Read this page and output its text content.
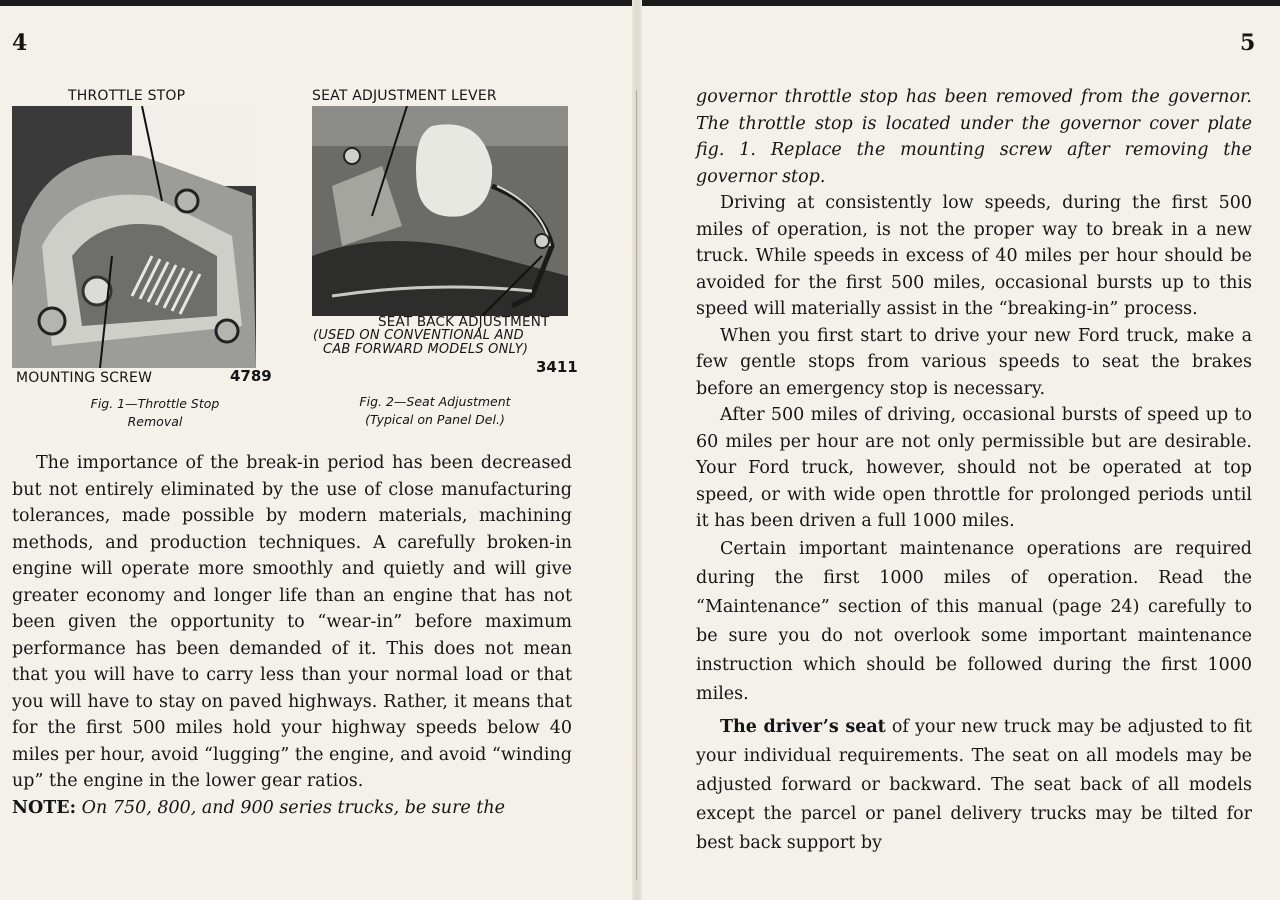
4
THROTTLE STOP
MOUNTING SCREW	4789
Fig. 1—Throttle Stop
Removal
SEAT ADJUSTMENT LEVER
SEAT BACK ADJUSTMENT
(USED ON CONVENTIONAL AND
CAB FORWARD MODELS ONLY)
3411
Fig. 2—Seat Adjustment
(Typical on Panel Del.)

The importance of the break-in period has been decreased but not entirely eliminated by the use of close manufacturing tolerances, made possible by modern materials, machining methods, and production techniques. A carefully broken-in engine will operate more smoothly and quietly and will give greater economy and longer life than an engine that has not been given the opportunity to “wear-in” before maximum performance has been demanded of it. This does not mean that you will have to carry less than your normal load or that you will have to stay on paved highways. Rather, it means that for the first 500 miles hold your highway speeds below 40 miles per hour, avoid “lugging” the engine, and avoid “winding up” the engine in the lower gear ratios.

NOTE: On 750, 800, and 900 series trucks, be sure the

5

governor throttle stop has been removed from the governor. The throttle stop is located under the governor cover plate fig. 1. Replace the mounting screw after removing the governor stop.

Driving at consistently low speeds, during the first 500 miles of operation, is not the proper way to break in a new truck. While speeds in excess of 40 miles per hour should be avoided for the first 500 miles, occasional bursts up to this speed will materially assist in the “breaking-in” process.

When you first start to drive your new Ford truck, make a few gentle stops from various speeds to seat the brakes before an emergency stop is necessary.

After 500 miles of driving, occasional bursts of speed up to 60 miles per hour are not only permissible but are desirable. Your Ford truck, however, should not be operated at top speed, or with wide open throttle for prolonged periods until it has been driven a full 1000 miles.

Certain important maintenance operations are required during the first 1000 miles of operation. Read the “Maintenance” section of this manual (page 24) carefully to be sure you do not overlook some important maintenance instruction which should be followed during the first 1000 miles.

The driver’s seat of your new truck may be adjusted to fit your individual requirements. The seat on all models may be adjusted forward or backward. The seat back of all models except the parcel or panel delivery trucks may be tilted for best back support by
